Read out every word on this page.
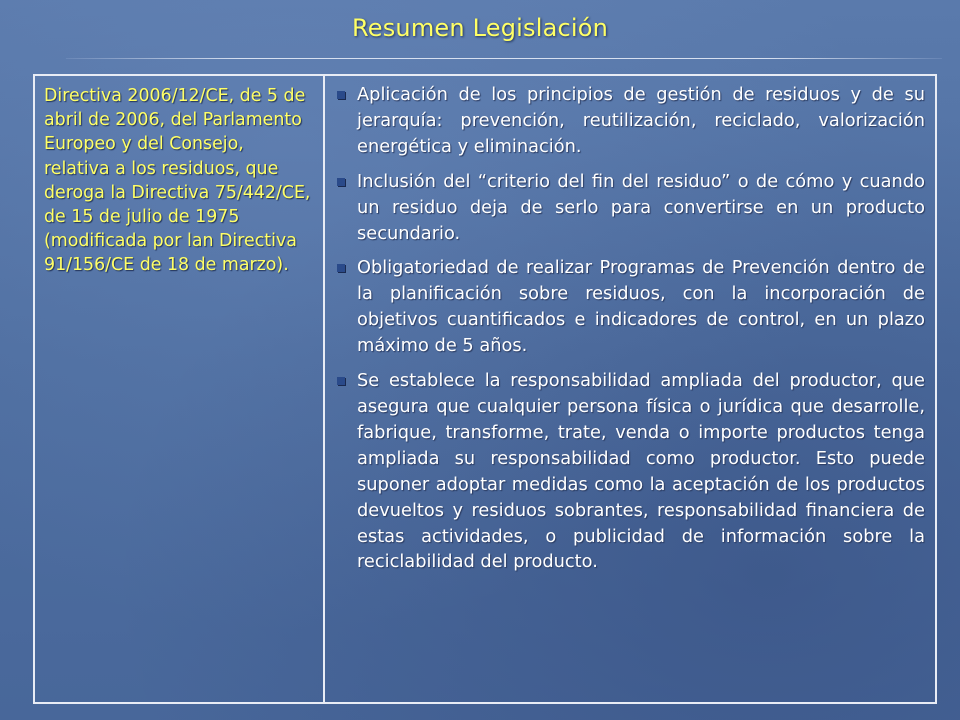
Resumen Legislación
Directiva 2006/12/CE, de 5 de abril de 2006, del Parlamento Europeo y del Consejo, relativa a los residuos, que deroga la Directiva 75/442/CE, de 15 de julio de 1975 (modificada por lan Directiva 91/156/CE de 18 de marzo).
Aplicación de los principios de gestión de residuos y de su jerarquía: prevención, reutilización, reciclado, valorización energética y eliminación.
Inclusión del “criterio del fin del residuo” o de cómo y cuando un residuo deja de serlo para convertirse en un producto secundario.
Obligatoriedad de realizar Programas de Prevención dentro de la planificación sobre residuos, con la incorporación de objetivos cuantificados e indicadores de control, en un plazo máximo de 5 años.
Se establece la responsabilidad ampliada del productor, que asegura que cualquier persona física o jurídica que desarrolle, fabrique, transforme, trate, venda o importe productos tenga ampliada su responsabilidad como productor. Esto puede suponer adoptar medidas como la aceptación de los productos devueltos y residuos sobrantes, responsabilidad financiera de estas actividades, o publicidad de información sobre la reciclabilidad del producto.
